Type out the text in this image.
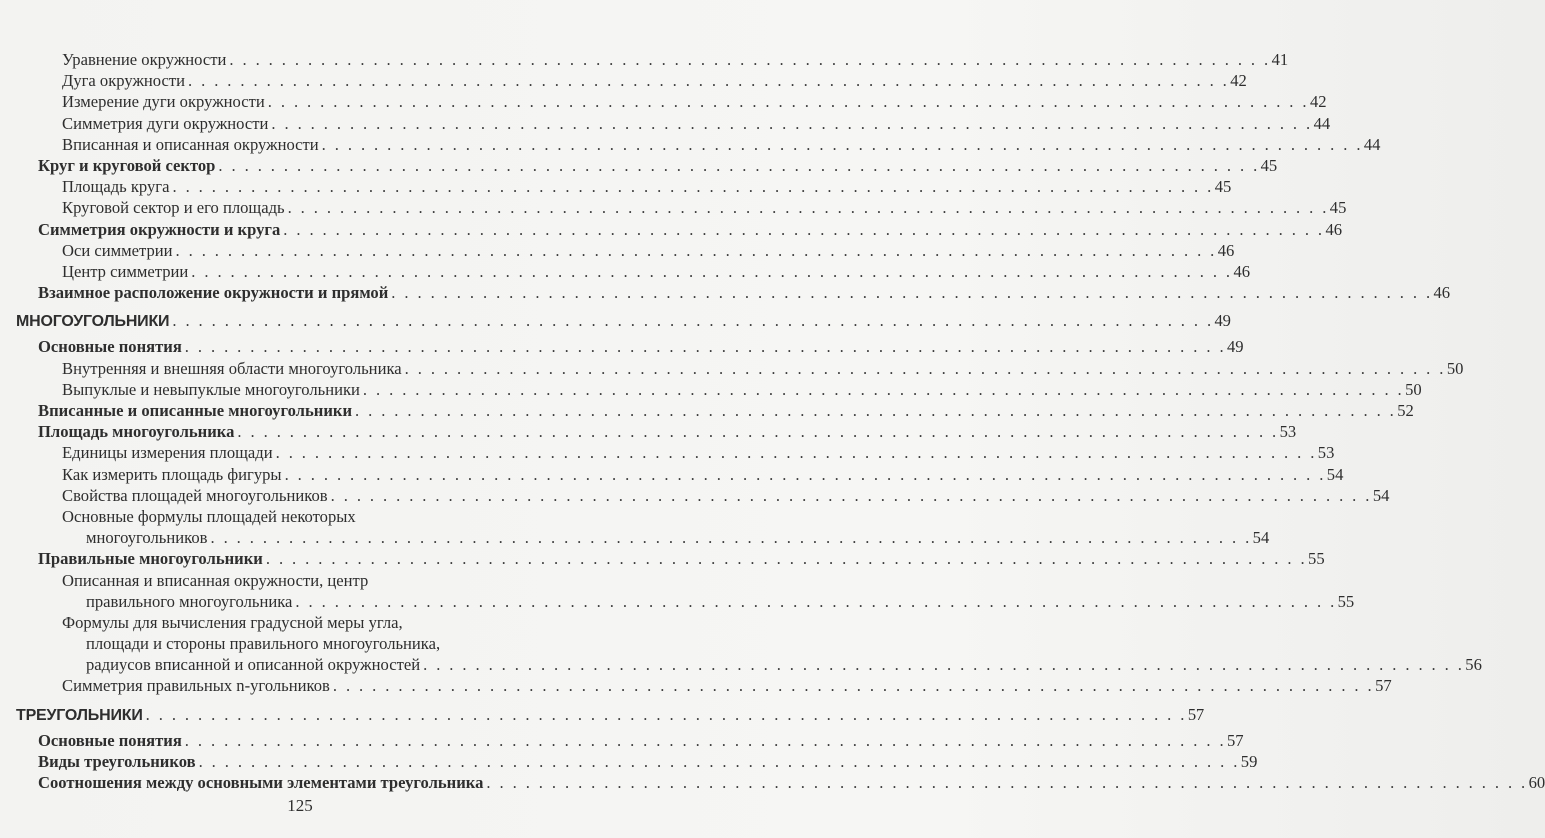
Уравнение окружности . . . . . . . . . . . . . . . . . . . . . . . . . . . . . . . . . . . . . . . . . . . . . . . . . . . . . . . . . . . . . . . . . . . . . . . . . . . . . . . . 41
Дуга окружности . . . . . . . . . . . . . . . . . . . . . . . . . . . . . . . . . . . . . . . . . . . . . . . . . . . . . . . . . . . . . . . . . . . . . . . . . . . . . . . . 42
Измерение дуги окружности . . . . . . . . . . . . . . . . . . . . . . . . . . . . . . . . . . . . . . . . . . . . . . . . . . . . . . . . . . . . . . . . . . . . . . . . . . . . . . . . 42
Симметрия дуги окружности . . . . . . . . . . . . . . . . . . . . . . . . . . . . . . . . . . . . . . . . . . . . . . . . . . . . . . . . . . . . . . . . . . . . . . . . . . . . . . . . 44
Вписанная и описанная окружности . . . . . . . . . . . . . . . . . . . . . . . . . . . . . . . . . . . . . . . . . . . . . . . . . . . . . . . . . . . . . . . . . . . . . . . . . . . . . . . . 44
Круг и круговой сектор . . . . . . . . . . . . . . . . . . . . . . . . . . . . . . . . . . . . . . . . . . . . . . . . . . . . . . . . . . . . . . . . . . . . . . . . . . . . . . . . 45
Площадь круга . . . . . . . . . . . . . . . . . . . . . . . . . . . . . . . . . . . . . . . . . . . . . . . . . . . . . . . . . . . . . . . . . . . . . . . . . . . . . . . . 45
Круговой сектор и его площадь . . . . . . . . . . . . . . . . . . . . . . . . . . . . . . . . . . . . . . . . . . . . . . . . . . . . . . . . . . . . . . . . . . . . . . . . . . . . . . . . 45
Симметрия окружности и круга . . . . . . . . . . . . . . . . . . . . . . . . . . . . . . . . . . . . . . . . . . . . . . . . . . . . . . . . . . . . . . . . . . . . . . . . . . . . . . . . 46
Оси симметрии . . . . . . . . . . . . . . . . . . . . . . . . . . . . . . . . . . . . . . . . . . . . . . . . . . . . . . . . . . . . . . . . . . . . . . . . . . . . . . . . 46
Центр симметрии . . . . . . . . . . . . . . . . . . . . . . . . . . . . . . . . . . . . . . . . . . . . . . . . . . . . . . . . . . . . . . . . . . . . . . . . . . . . . . . . 46
Взаимное расположение окружности и прямой . . . . . . . . . . . . . . . . . . . . . . . . . . . . . . . . . . . . . . . . . . . . . . . . . . . . . . . . . . . . . . . . . . . . . . . . . . . . . . . . 46
МНОГОУГОЛЬНИКИ . . . . . . . . . . . . . . . . . . . . . . . . . . . . . . . . . . . . . . . . . . . . . . . . . . . . . . . . . . . . . . . . . . . . . . . . . . . . . . . . 49
Основные понятия . . . . . . . . . . . . . . . . . . . . . . . . . . . . . . . . . . . . . . . . . . . . . . . . . . . . . . . . . . . . . . . . . . . . . . . . . . . . . . . . 49
Внутренняя и внешняя области многоугольника . . . . . . . . . . . . . . . . . . . . . . . . . . . . . . . . . . . . . . . . . . . . . . . . . . . . . . . . . . . . . . . . . . . . . . . . . . . . . . . . 50
Выпуклые и невыпуклые многоугольники . . . . . . . . . . . . . . . . . . . . . . . . . . . . . . . . . . . . . . . . . . . . . . . . . . . . . . . . . . . . . . . . . . . . . . . . . . . . . . . . 50
Вписанные и описанные многоугольники . . . . . . . . . . . . . . . . . . . . . . . . . . . . . . . . . . . . . . . . . . . . . . . . . . . . . . . . . . . . . . . . . . . . . . . . . . . . . . . . 52
Площадь многоугольника . . . . . . . . . . . . . . . . . . . . . . . . . . . . . . . . . . . . . . . . . . . . . . . . . . . . . . . . . . . . . . . . . . . . . . . . . . . . . . . . 53
Единицы измерения площади . . . . . . . . . . . . . . . . . . . . . . . . . . . . . . . . . . . . . . . . . . . . . . . . . . . . . . . . . . . . . . . . . . . . . . . . . . . . . . . . 53
Как измерить площадь фигуры . . . . . . . . . . . . . . . . . . . . . . . . . . . . . . . . . . . . . . . . . . . . . . . . . . . . . . . . . . . . . . . . . . . . . . . . . . . . . . . . 54
Свойства площадей многоугольников . . . . . . . . . . . . . . . . . . . . . . . . . . . . . . . . . . . . . . . . . . . . . . . . . . . . . . . . . . . . . . . . . . . . . . . . . . . . . . . . 54
Основные формулы площадей некоторых
многоугольников . . . . . . . . . . . . . . . . . . . . . . . . . . . . . . . . . . . . . . . . . . . . . . . . . . . . . . . . . . . . . . . . . . . . . . . . . . . . . . . . 54
Правильные многоугольники . . . . . . . . . . . . . . . . . . . . . . . . . . . . . . . . . . . . . . . . . . . . . . . . . . . . . . . . . . . . . . . . . . . . . . . . . . . . . . . . 55
Описанная и вписанная окружности, центр
правильного многоугольника . . . . . . . . . . . . . . . . . . . . . . . . . . . . . . . . . . . . . . . . . . . . . . . . . . . . . . . . . . . . . . . . . . . . . . . . . . . . . . . . 55
Формулы для вычисления градусной меры угла,
площади и стороны правильного многоугольника,
радиусов вписанной и описанной окружностей . . . . . . . . . . . . . . . . . . . . . . . . . . . . . . . . . . . . . . . . . . . . . . . . . . . . . . . . . . . . . . . . . . . . . . . . . . . . . . . . 56
Симметрия правильных n-угольников . . . . . . . . . . . . . . . . . . . . . . . . . . . . . . . . . . . . . . . . . . . . . . . . . . . . . . . . . . . . . . . . . . . . . . . . . . . . . . . . 57
ТРЕУГОЛЬНИКИ . . . . . . . . . . . . . . . . . . . . . . . . . . . . . . . . . . . . . . . . . . . . . . . . . . . . . . . . . . . . . . . . . . . . . . . . . . . . . . . . 57
Основные понятия . . . . . . . . . . . . . . . . . . . . . . . . . . . . . . . . . . . . . . . . . . . . . . . . . . . . . . . . . . . . . . . . . . . . . . . . . . . . . . . . 57
Виды треугольников . . . . . . . . . . . . . . . . . . . . . . . . . . . . . . . . . . . . . . . . . . . . . . . . . . . . . . . . . . . . . . . . . . . . . . . . . . . . . . . . 59
Соотношения между основными элементами треугольника . . . . . . . . . . . . . . . . . . . . . . . . . . . . . . . . . . . . . . . . . . . . . . . . . . . . . . . . . . . . . . . . . . . . . . . . . . . . . . . . 60
125
